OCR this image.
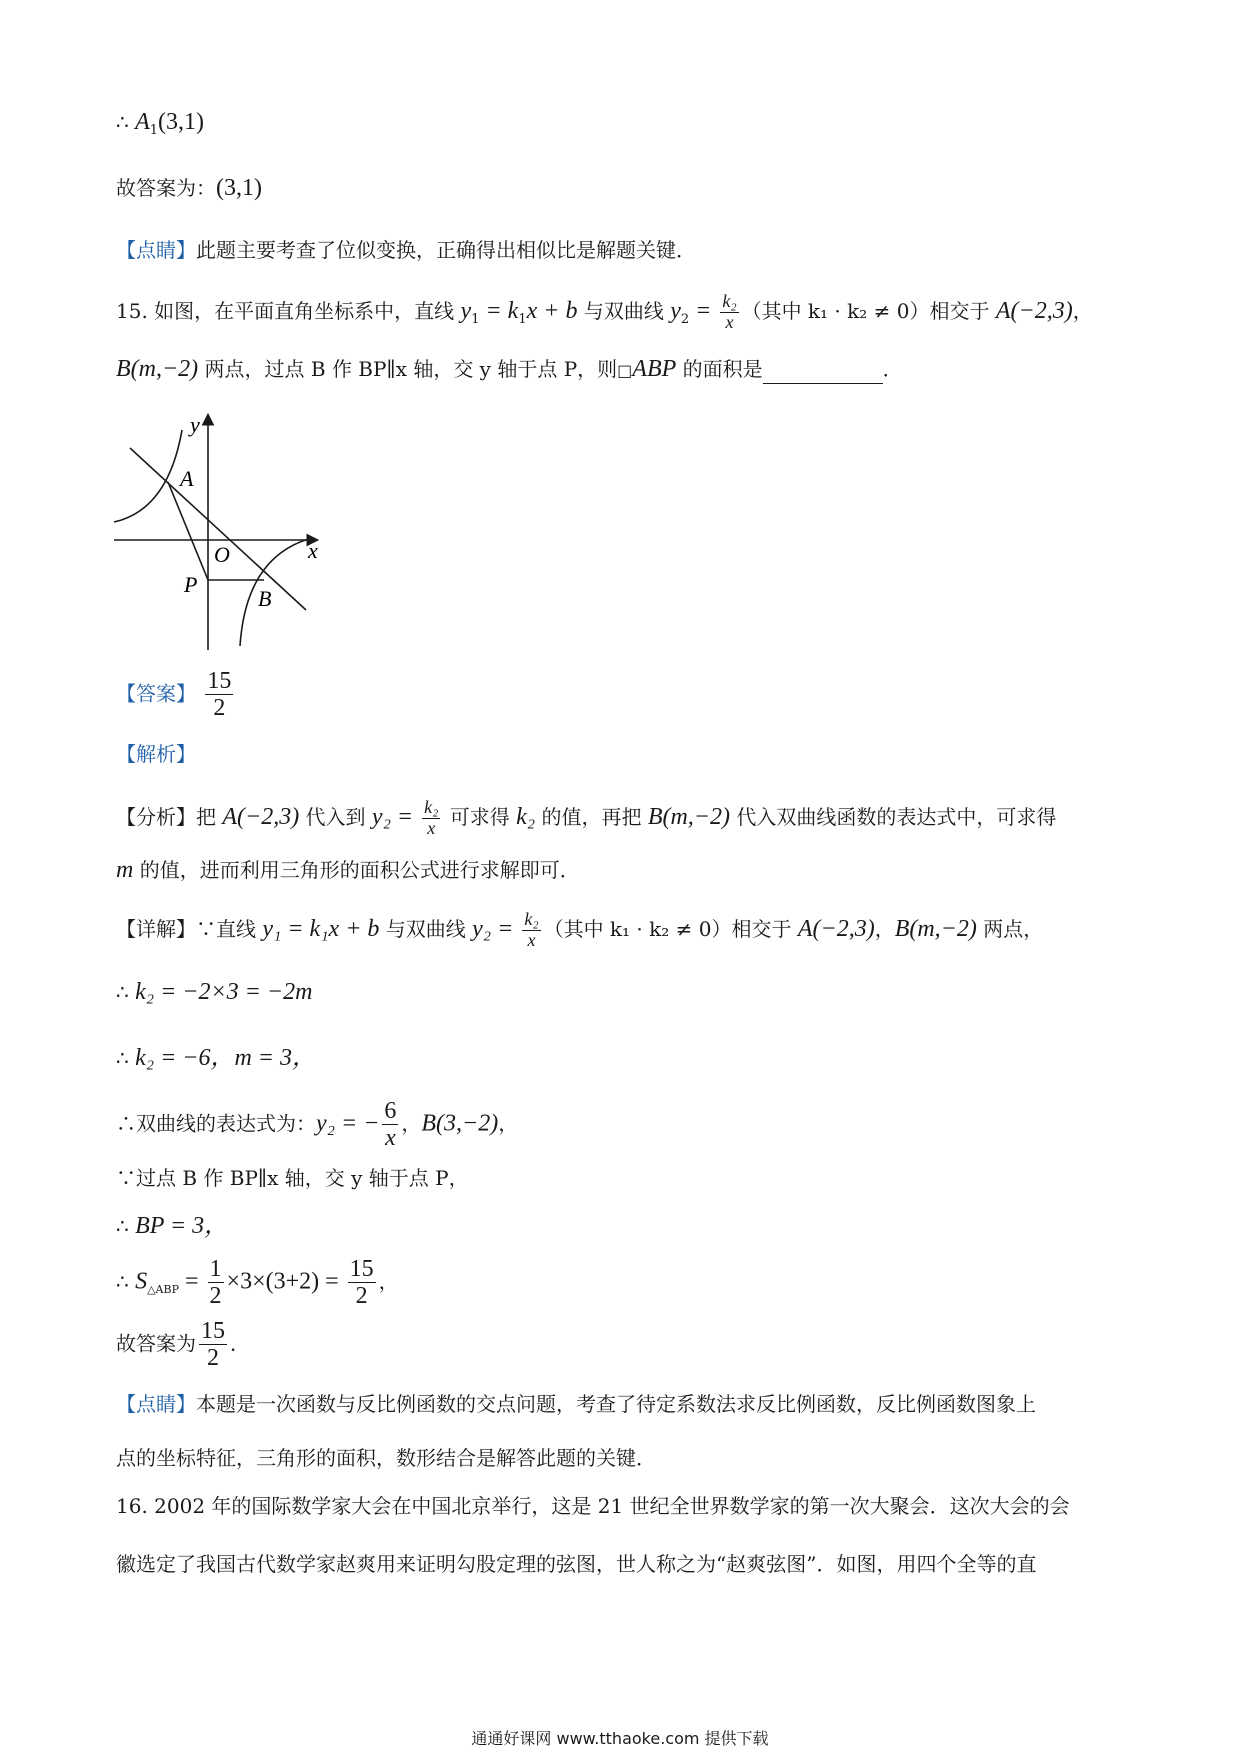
∴ $A_1(3,1)$
故答案为：(3,1)
【点睛】此题主要考查了位似变换，正确得出相似比是解题关键．
15. 如图，在平面直角坐标系中，直线 $y_1 = k_1x + b$ 与双曲线 $y_2 = \frac{\text{k₂}}{x}$ （其中 k₁ · k₂ ≠ 0）相交于 A(−2,3)，
B(m,−2) 两点，过点 B 作 BP∥x 轴，交 y 轴于点 P，则□ABP 的面积是	．
y
x
A
O
P
B
【答案】 $\frac{15}{2}$
【解析】
【分析】把 A(−2,3) 代入到 $y_2 = \frac{\text{k₂}}{x}$ 可求得 k₂ 的值，再把 B(m,−2) 代入双曲线函数的表达式中，可求得
m 的值，进而利用三角形的面积公式进行求解即可．
【详解】∵直线 y₁ = k₁x + b 与双曲线 $y_2 = \frac{\text{k₂}}{x}$ （其中 k₁ · k₂ ≠ 0）相交于 A(−2,3)，B(m,−2) 两点，
∴ k₂ = −2×3 = −2m
∴ k₂ = −6，m = 3，
∴双曲线的表达式为：y₂ = − $\frac{6}{x}$ ，B(3,−2)，
∵过点 B 作 BP∥x 轴，交 y 轴于点 P，
∴ BP = 3，
∴ $S_{\triangle ABP} = \frac{1}{2} \times 3\times(3+2) = \frac{15}{2}$ ，
故答案为 $\frac{15}{2}$ ．
【点睛】本题是一次函数与反比例函数的交点问题，考查了待定系数法求反比例函数，反比例函数图象上
点的坐标特征，三角形的面积，数形结合是解答此题的关键．
16. 2002 年的国际数学家大会在中国北京举行，这是 21 世纪全世界数学家的第一次大聚会．这次大会的会
徽选定了我国古代数学家赵爽用来证明勾股定理的弦图，世人称之为“赵爽弦图”．如图，用四个全等的直
通通好课网 www.tthaoke.com 提供下载
